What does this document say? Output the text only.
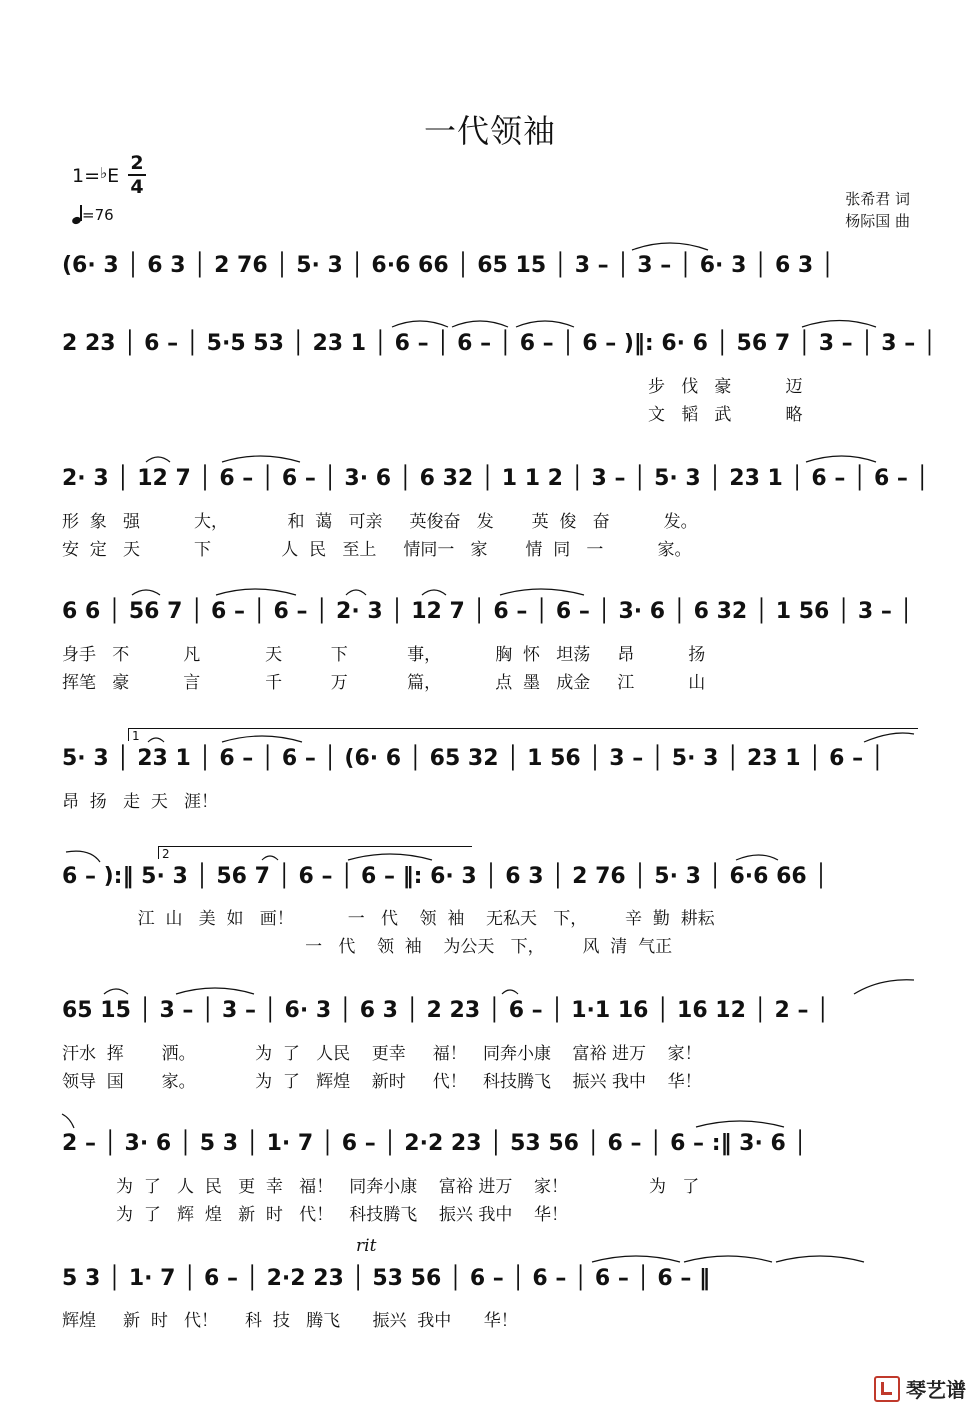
一代领袖
$1=^♭E \frac{2}{4}$
=76
张希君 词
杨际国 曲
(6· 3 │ 6 3 │ 2 76 │ 5· 3 │ 6·6 66 │ 65 15 │ 3 – │ 3 – │ 6· 3 │ 6 3 │
2 23 │ 6 – │ 5·5 53 │ 23 1 │ 6 – │ 6 – │ 6 – │ 6 – )‖: 6· 6 │ 56 7 │ 3 – │ 3 – │
步   伐   豪          迈
文   韬   武          略
2· 3 │ 12 7 │ 6 – │ 6 – │ 3· 6 │ 6 32 │ 1 1 2 │ 3 – │ 5· 3 │ 23 1 │ 6 – │ 6 – │
形  象   强          大，           和  蔼   可亲     英俊奋   发       英  俊   奋          发。
安  定   天          下             人  民   至上     情同一   家       情  同   一          家。
6 6 │ 56 7 │ 6 – │ 6 – │ 2· 3 │ 12 7 │ 6 – │ 6 – │ 3· 6 │ 6 32 │ 1 56 │ 3 – │
身手   不          凡            天         下           事，          胸  怀   坦荡     昂          扬
挥笔   豪          言            千         万           篇，          点  墨   成金     江          山
1
5· 3 │ 23 1 │ 6 – │ 6 – │ (6· 6 │ 65 32 │ 1 56 │ 3 – │ 5· 3 │ 23 1 │ 6 – │
昂  扬   走  天   涯！
2
6 – ):‖ 5· 3 │ 56 7 │ 6 – │ 6 – ‖: 6· 3 │ 6 3 │ 2 76 │ 5· 3 │ 6·6 66 │
江  山   美  如   画！          一   代    领  袖    无私天   下，       辛  勤  耕耘
一   代    领  袖    为公天   下，       风  清  气正
65 15 │ 3 – │ 3 – │ 6· 3 │ 6 3 │ 2 23 │ 6 – │ 1·1 16 │ 16 12 │ 2 – │
汗水  挥       洒。           为  了   人民    更幸     福！   同奔小康    富裕 进万    家！
领导  国       家。           为  了   辉煌    新时     代！   科技腾飞    振兴 我中    华！
2 – │ 3· 6 │ 5 3 │ 1· 7 │ 6 – │ 2·2 23 │ 53 56 │ 6 – │ 6 – :‖ 3· 6 │
为  了   人  民   更  幸   福！   同奔小康    富裕 进万    家！               为   了
为  了   辉  煌   新  时   代！   科技腾飞    振兴 我中    华！
rit
5 3 │ 1· 7 │ 6 – │ 2·2 23 │ 53 56 │ 6 – │ 6 – │ 6 – │ 6 – ‖
辉煌     新  时   代！     科  技   腾飞      振兴  我中      华！
琴艺谱
